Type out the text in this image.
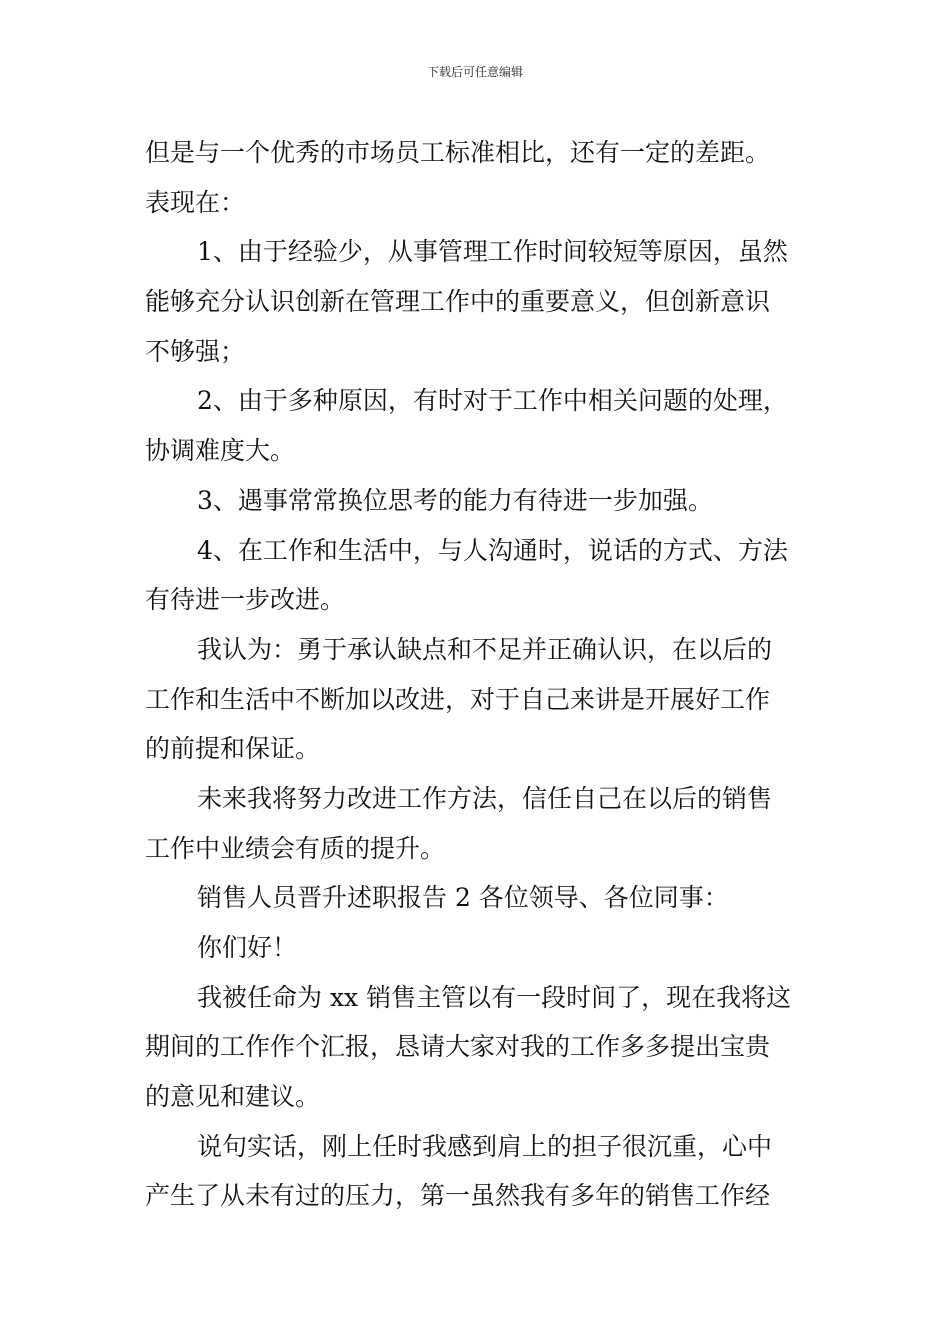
下载后可任意编辑
但是与一个优秀的市场员工标准相比，还有一定的差距。
表现在：
1、由于经验少，从事管理工作时间较短等原因，虽然
能够充分认识创新在管理工作中的重要意义，但创新意识
不够强；
2、由于多种原因，有时对于工作中相关问题的处理，
协调难度大。
3、遇事常常换位思考的能力有待进一步加强。
4、在工作和生活中，与人沟通时，说话的方式、方法
有待进一步改进。
我认为：勇于承认缺点和不足并正确认识，在以后的
工作和生活中不断加以改进，对于自己来讲是开展好工作
的前提和保证。
未来我将努力改进工作方法，信任自己在以后的销售
工作中业绩会有质的提升。
销售人员晋升述职报告 2 各位领导、各位同事：
你们好！
我被任命为 xx 销售主管以有一段时间了，现在我将这
期间的工作作个汇报，恳请大家对我的工作多多提出宝贵
的意见和建议。
说句实话，刚上任时我感到肩上的担子很沉重，心中
产生了从未有过的压力，第一虽然我有多年的销售工作经
